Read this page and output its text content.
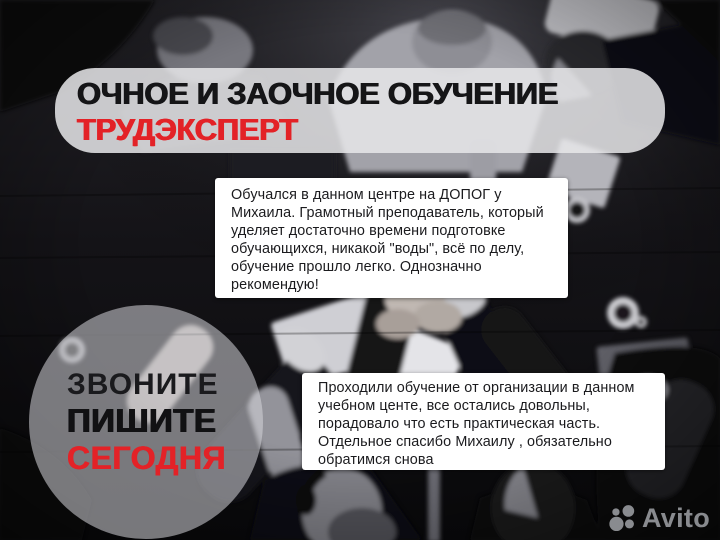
ОЧНОЕ И ЗАОЧНОЕ ОБУЧЕНИЕ
ТРУДЭКСПЕРТ

Обучался в данном центре на ДОПОГ у Михаила. Грамотный преподаватель, который уделяет достаточно времени подготовке обучающихся, никакой "воды", всё по делу, обучение прошло легко. Однозначно рекомендую!

ЗВОНИТЕ
ПИШИТЕ
СЕГОДНЯ

Проходили обучение от организации в данном учебном центе, все остались довольны, порадовало что есть практическая часть. Отдельное спасибо Михаилу , обязательно обратимся снова

Avito
